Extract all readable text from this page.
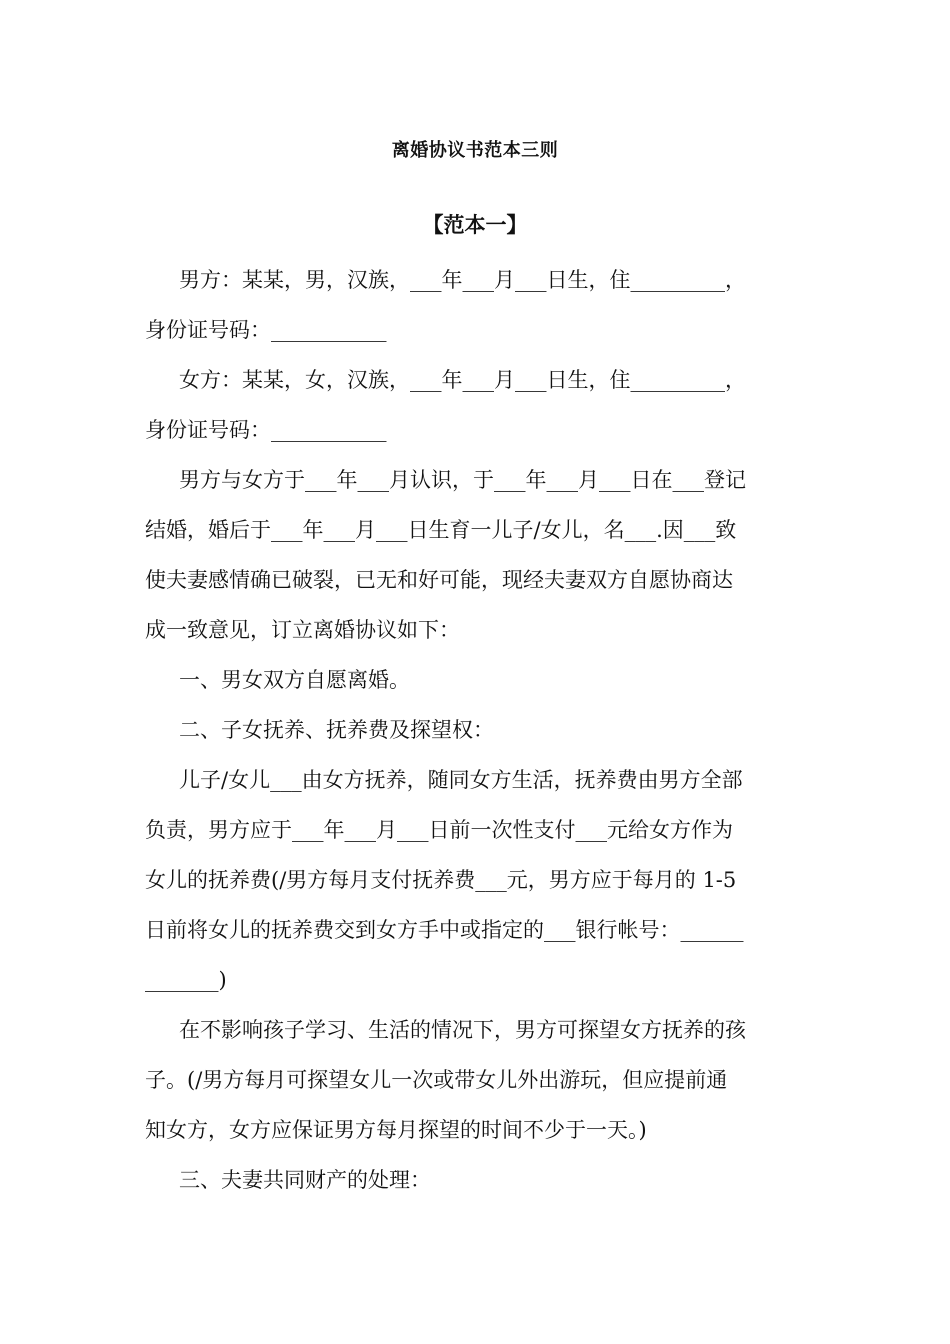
离婚协议书范本三则
【范本一】
男方：某某，男，汉族，___年___月___日生，住_________，
身份证号码：___________
女方：某某，女，汉族，___年___月___日生，住_________，
身份证号码：___________
男方与女方于___年___月认识，于___年___月___日在___登记
结婚，婚后于___年___月___日生育一儿子/女儿，名___.因___致
使夫妻感情确已破裂，已无和好可能，现经夫妻双方自愿协商达
成一致意见，订立离婚协议如下：
一、男女双方自愿离婚。
二、子女抚养、抚养费及探望权：
儿子/女儿___由女方抚养，随同女方生活，抚养费由男方全部
负责，男方应于___年___月___日前一次性支付___元给女方作为
女儿的抚养费(/男方每月支付抚养费___元，男方应于每月的 1-5
日前将女儿的抚养费交到女方手中或指定的___银行帐号：______
_______)
在不影响孩子学习、生活的情况下，男方可探望女方抚养的孩
子。(/男方每月可探望女儿一次或带女儿外出游玩，但应提前通
知女方，女方应保证男方每月探望的时间不少于一天。)
三、夫妻共同财产的处理：
